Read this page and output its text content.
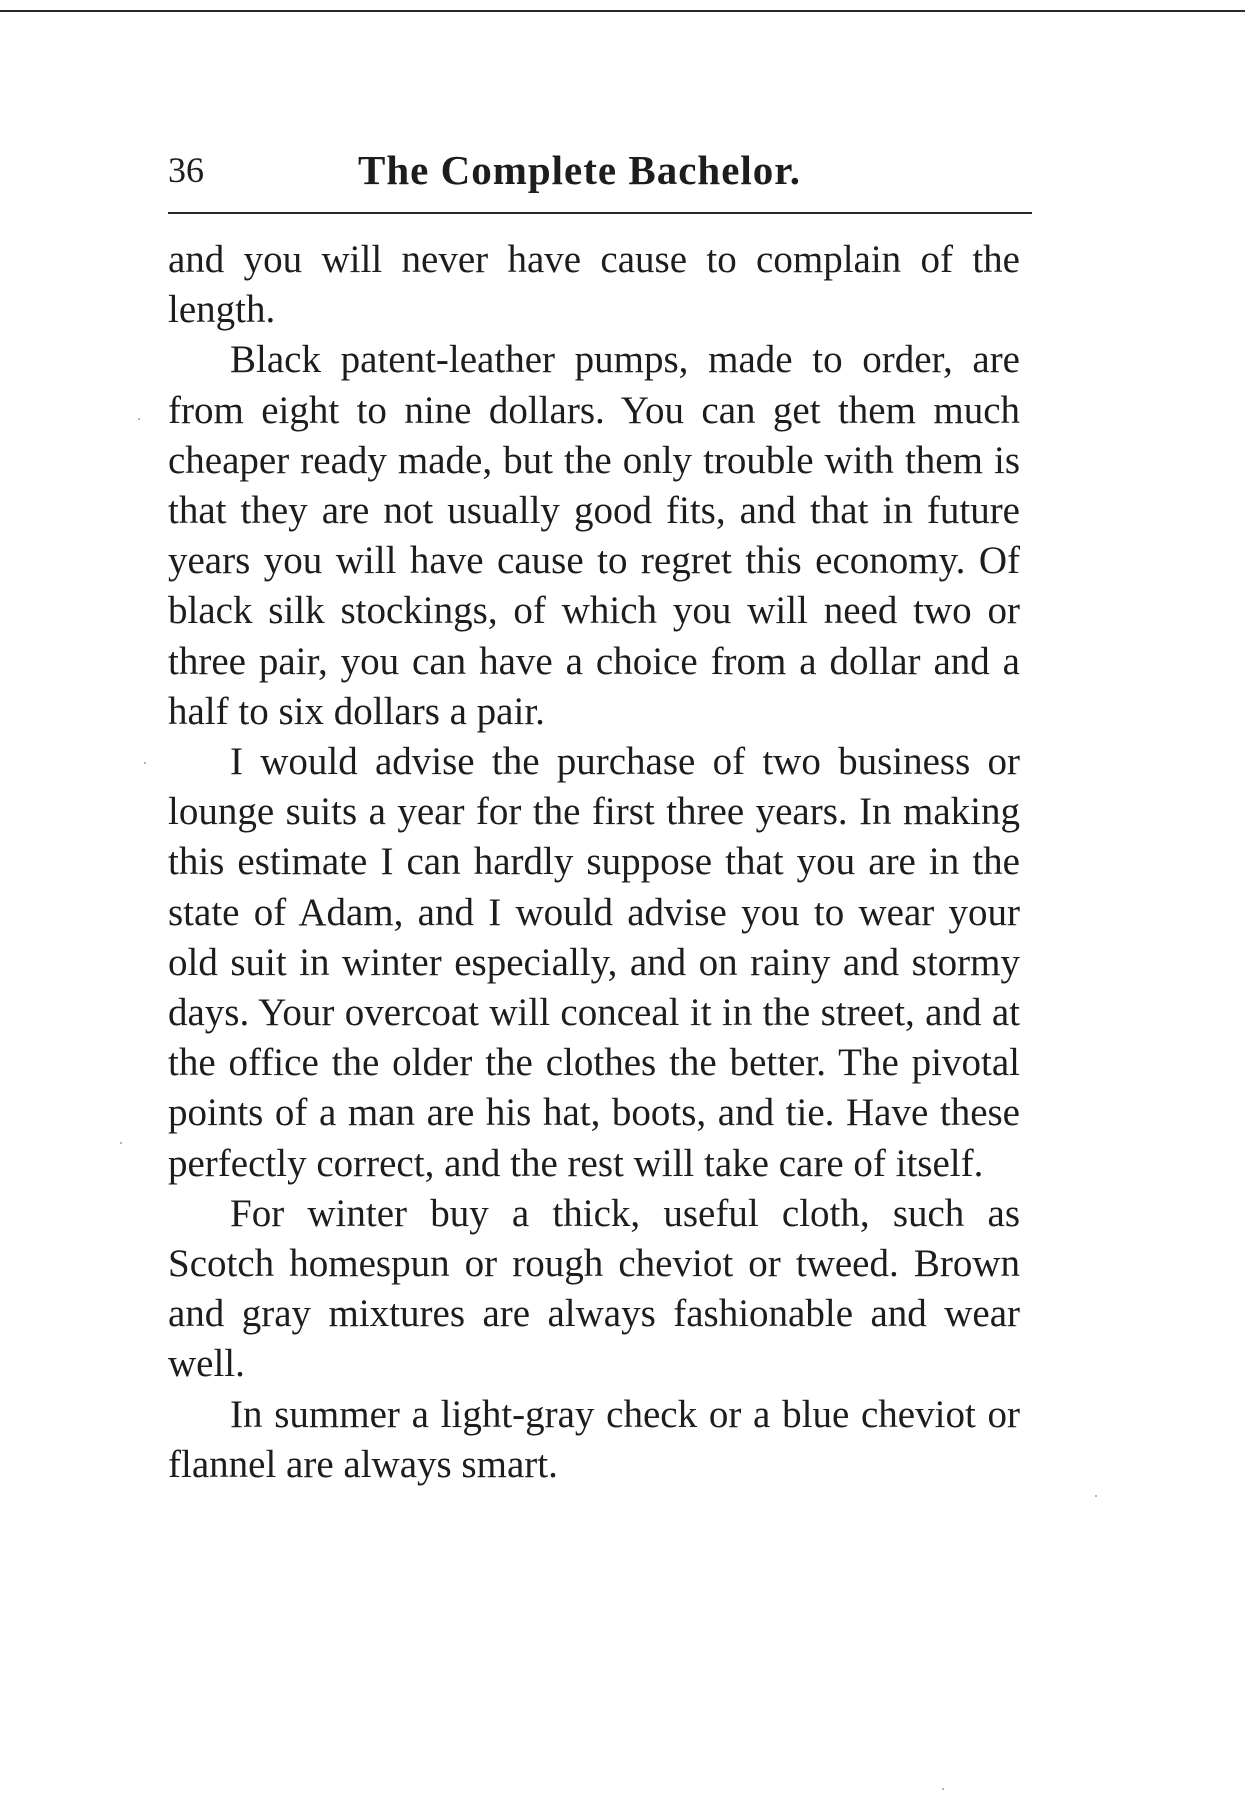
36	The Complete Bachelor.

and you will never have cause to complain of the length.

Black patent-leather pumps, made to order, are from eight to nine dollars. You can get them much cheaper ready made, but the only trouble with them is that they are not usually good fits, and that in future years you will have cause to regret this economy. Of black silk stockings, of which you will need two or three pair, you can have a choice from a dollar and a half to six dollars a pair.

I would advise the purchase of two business or lounge suits a year for the first three years. In making this estimate I can hardly suppose that you are in the state of Adam, and I would advise you to wear your old suit in winter especially, and on rainy and stormy days. Your overcoat will conceal it in the street, and at the office the older the clothes the better. The pivotal points of a man are his hat, boots, and tie. Have these perfectly correct, and the rest will take care of itself.

For winter buy a thick, useful cloth, such as Scotch homespun or rough cheviot or tweed. Brown and gray mixtures are always fashionable and wear well.

In summer a light-gray check or a blue cheviot or flannel are always smart.
